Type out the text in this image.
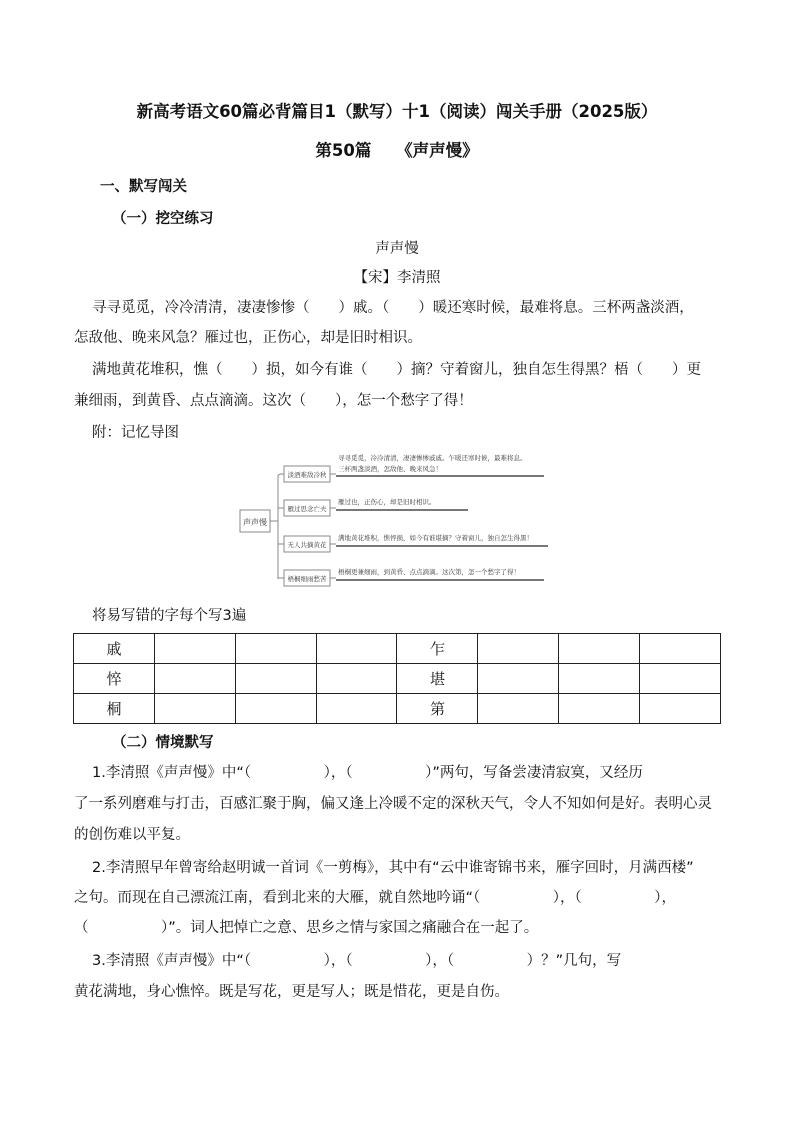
新高考语文60篇必背篇目1（默写）十1（阅读）闯关手册（2025版）
第50篇　　《声声慢》
一、默写闯关
（一）挖空练习
声声慢
【宋】李清照
寻寻觅觅，冷冷清清，凄凄惨惨（　　）戚。（　　）暖还寒时候，最难将息。三杯两盏淡酒，
怎敌他、晚来风急？雁过也，正伤心，却是旧时相识。
满地黄花堆积，憔（　　）损，如今有谁（　　）摘？守着窗儿，独自怎生得黑？梧（　　）更
兼细雨，到黄昏、点点滴滴。这次（　　），怎一个愁字了得！
附：记忆导图
声声慢
淡酒难敌冷秋
寻寻觅觅，冷冷清清，凄凄惨惨戚戚。乍暖还寒时候，最难将息。
三杯两盏淡酒，怎敌他、晚来风急！
雁过思念亡夫
雁过也，正伤心，却是旧时相识。
无人共摘黄花
满地黄花堆积，憔悴损，如今有谁堪摘？守着窗儿，独自怎生得黑！
梧桐细雨愁苦
梧桐更兼细雨，到黄昏、点点滴滴。这次第，怎一个愁字了得！
将易写错的字每个写3遍
戚				乍			
悴				堪			
桐				第			
（二）情境默写
1.李清照《声声慢》中“（　　　　　），（　　　　　）”两句，写备尝凄清寂寞，又经历
了一系列磨难与打击，百感汇聚于胸，偏又逢上冷暖不定的深秋天气，令人不知如何是好。表明心灵
的创伤难以平复。
2.李清照早年曾寄给赵明诚一首词《一剪梅》，其中有“云中谁寄锦书来，雁字回时，月满西楼”
之句。而现在自己漂流江南，看到北来的大雁，就自然地吟诵“（　　　　　），（　　　　　），
（　　　　　）”。词人把悼亡之意、思乡之情与家国之痛融合在一起了。
3.李清照《声声慢》中“（　　　　　），（　　　　　），（　　　　　）？”几句，写
黄花满地，身心憔悴。既是写花，更是写人；既是惜花，更是自伤。
